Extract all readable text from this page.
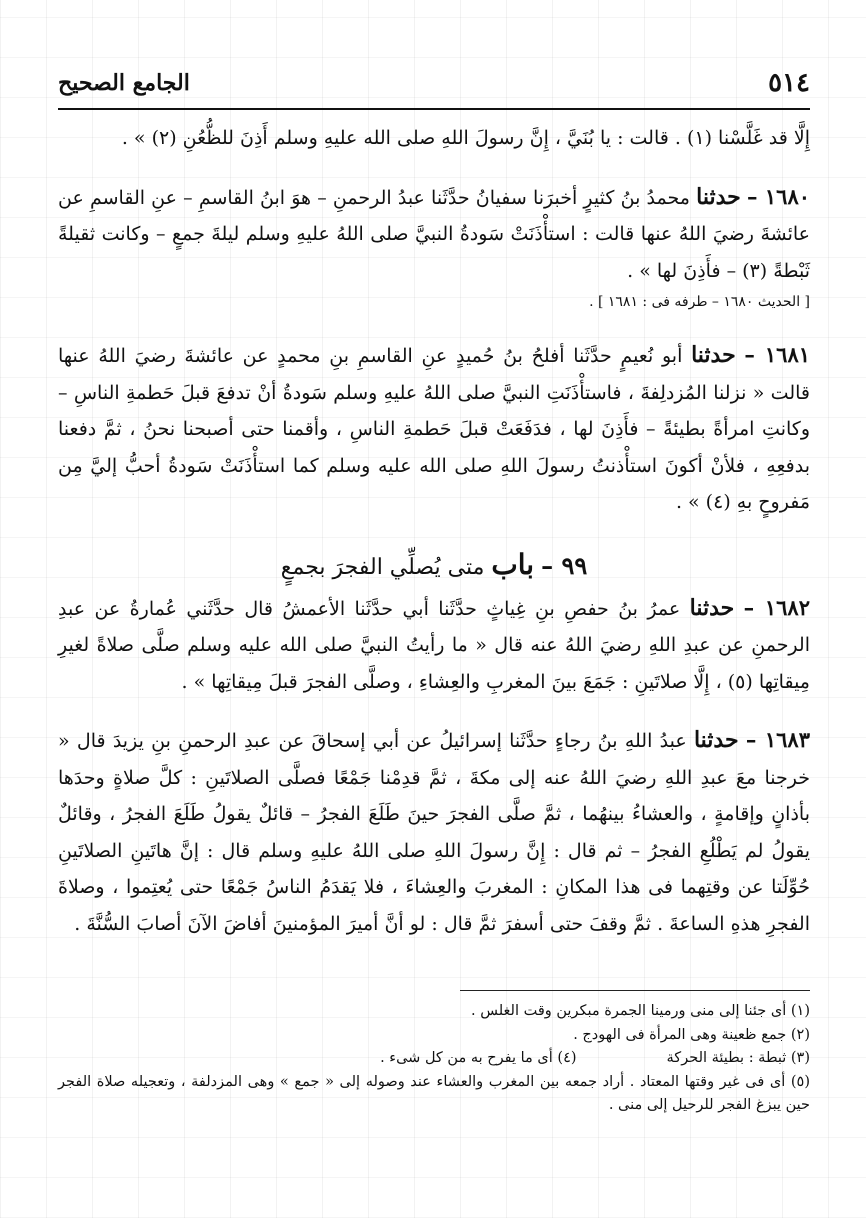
٥١٤
الجامع الصحيح

إِلَّا قد غَلَّسْنا (١) . قالت : يا بُنَيَّ ، إِنَّ رسولَ اللهِ صلى الله عليهِ وسلم أَذِنَ للظُّعُنِ (٢) » .

١٦٨٠ – حدثنا محمدُ بنُ كثيرٍ أخبرَنا سفيانُ حدَّثَنا عبدُ الرحمنِ – هوَ ابنُ القاسمِ – عنِ القاسمِ عن عائشةَ رضيَ اللهُ عنها قالت : استأْذَنَتْ سَودةُ النبيَّ صلى اللهُ عليهِ وسلم ليلةَ جمعٍ – وكانت ثقيلةً ثَبْطةً (٣) – فأَذِنَ لها » .

[ الحديث ١٦٨٠ – طرفه فى : ١٦٨١ ] .

١٦٨١ – حدثنا أبو نُعيمٍ حدَّثَنا أفلحُ بنُ حُميدٍ عنِ القاسمِ بنِ محمدٍ عن عائشةَ رضيَ اللهُ عنها قالت « نزلنا المُزدلِفةَ ، فاستأْذَنَتِ النبيَّ صلى اللهُ عليهِ وسلم سَودةُ أنْ تدفعَ قبلَ حَطمةِ الناسِ – وكانتِ امرأةً بطيئةً – فأَذِنَ لها ، فدَفَعَتْ قبلَ حَطمةِ الناسِ ، وأقمنا حتى أصبحنا نحنُ ، ثمَّ دفعنا بدفعِهِ ، فلأنْ أكونَ استأْذنتُ رسولَ اللهِ صلى الله عليه وسلم كما استأْذَنَتْ سَودةُ أحبُّ إليَّ مِن مَفروحٍ بهِ (٤) » .

٩٩ – باب متى يُصلِّي الفجرَ بجمعٍ

١٦٨٢ – حدثنا عمرُ بنُ حفصِ بنِ غِياثٍ حدَّثَنا أبي حدَّثَنا الأعمشُ قال حدَّثَني عُمارةُ عن عبدِ الرحمنِ عن عبدِ اللهِ رضيَ اللهُ عنه قال « ما رأيتُ النبيَّ صلى الله عليه وسلم صلَّى صلاةً لغيرِ مِيقاتِها (٥) ، إِلَّا صلاتَينِ : جَمَعَ بينَ المغربِ والعِشاءِ ، وصلَّى الفجرَ قبلَ مِيقاتِها » .

١٦٨٣ – حدثنا عبدُ اللهِ بنُ رجاءٍ حدَّثَنا إسرائيلُ عن أبي إسحاقَ عن عبدِ الرحمنِ بنِ يزيدَ قال « خرجنا معَ عبدِ اللهِ رضيَ اللهُ عنه إلى مكةَ ، ثمَّ قدِمْنا جَمْعًا فصلَّى الصلاتَينِ : كلَّ صلاةٍ وحدَها بأذانٍ وإقامةٍ ، والعشاءُ بينهُما ، ثمَّ صلَّى الفجرَ حينَ طَلَعَ الفجرُ – قائلٌ يقولُ طَلَعَ الفجرُ ، وقائلٌ يقولُ لم يَطْلُعِ الفجرُ – ثم قال : إِنَّ رسولَ اللهِ صلى اللهُ عليهِ وسلم قال : إنَّ هاتَينِ الصلاتَينِ حُوِّلَتا عن وقتِهما فى هذا المكانِ : المغربَ والعِشاءَ ، فلا يَقدَمُ الناسُ جَمْعًا حتى يُعتِموا ، وصلاةَ الفجرِ هذهِ الساعةَ . ثمَّ وقفَ حتى أسفرَ ثمَّ قال : لو أنَّ أميرَ المؤمنينَ أفاضَ الآنَ أصابَ السُّنَّةَ .

(١) أى جئنا إلى منى ورمينا الجمرة مبكرين وقت الغلس .

(٢) جمع ظعينة وهى المرأة فى الهودج .

(٣) ثبطة : بطيئة الحركة

(٤) أى ما يفرح به من كل شىء .

(٥) أى فى غير وقتها المعتاد . أراد جمعه بين المغرب والعشاء عند وصوله إلى « جمع » وهى المزدلفة ، وتعجيله صلاة الفجر حين يبزغ الفجر للرحيل إلى منى .
